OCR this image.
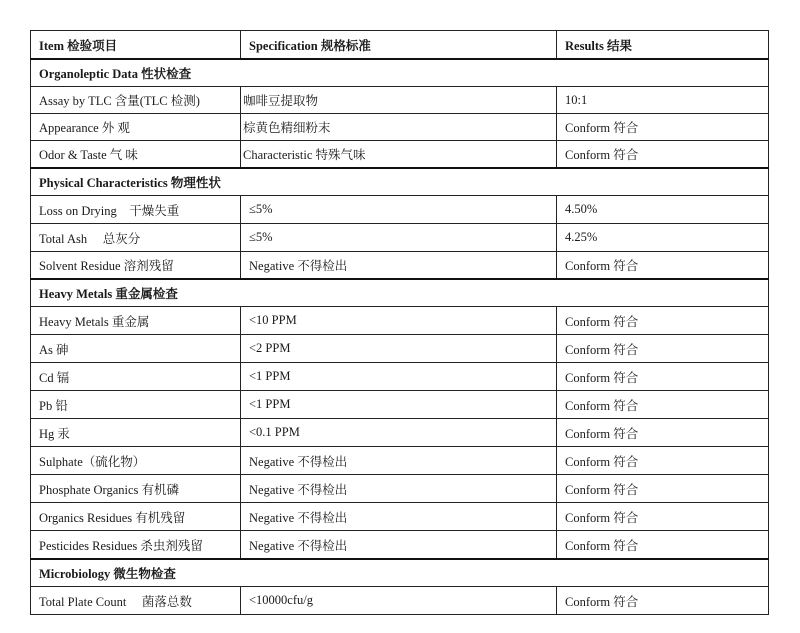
Item 检验项目	Specification 规格标准	Results 结果
Organoleptic Data 性状检查		
Assay by TLC 含量(TLC 检测)	咖啡豆提取物	10:1
Appearance 外 观	棕黄色精细粉末	Conform 符合
Odor & Taste 气 味	Characteristic 特殊气味	Conform 符合
Physical Characteristics 物理性状		
Loss on Drying    干燥失重	≤5%	4.50%
Total Ash     总灰分	≤5%	4.25%
Solvent Residue 溶剂残留	Negative 不得检出	Conform 符合
Heavy Metals 重金属检查		
Heavy Metals 重金属	<10 PPM	Conform 符合
As 砷	<2 PPM	Conform 符合
Cd 镉	<1 PPM	Conform 符合
Pb 铅	<1 PPM	Conform 符合
Hg 汞	<0.1 PPM	Conform 符合
Sulphate（硫化物）	Negative 不得检出	Conform 符合
Phosphate Organics 有机磷	Negative 不得检出	Conform 符合
Organics Residues 有机残留	Negative 不得检出	Conform 符合
Pesticides Residues 杀虫剂残留	Negative 不得检出	Conform 符合
Microbiology 微生物检查		
Total Plate Count     菌落总数	<10000cfu/g	Conform 符合
